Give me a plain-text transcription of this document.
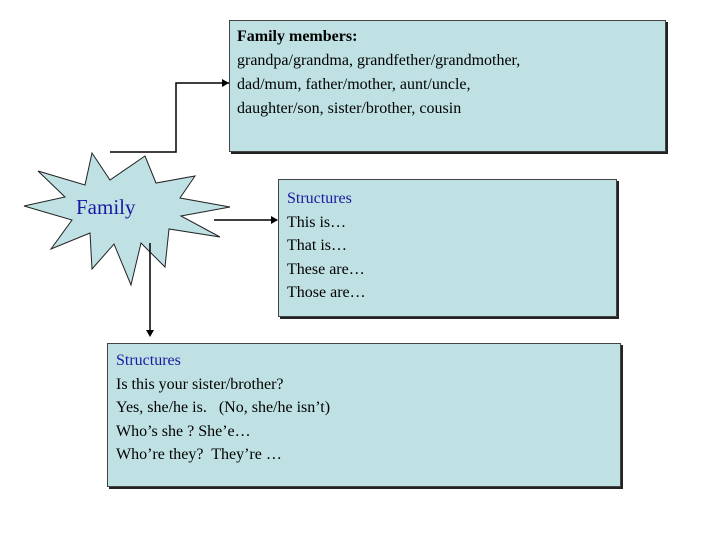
Family
Family members:
grandpa/grandma, grandfether/grandmother,
dad/mum, father/mother, aunt/uncle,
daughter/son, sister/brother, cousin
Structures
This is…
That is…
These are…
Those are…
Structures
Is this your sister/brother?
Yes, she/he is.   (No, she/he isn’t)
Who’s she ? She’e…
Who’re they?  They’re …
